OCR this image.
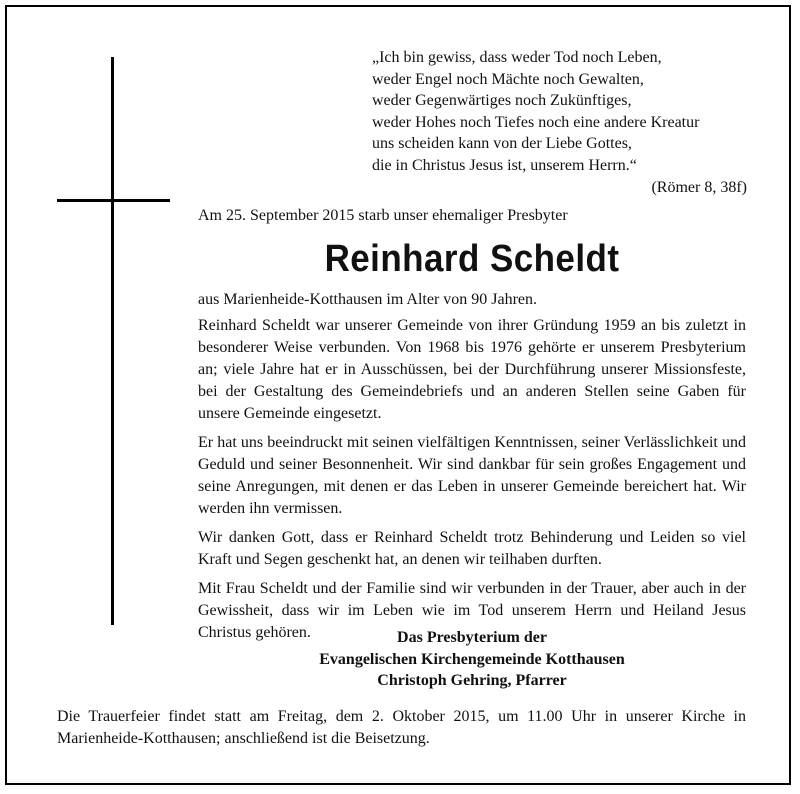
„Ich bin gewiss, dass weder Tod noch Leben,
weder Engel noch Mächte noch Gewalten,
weder Gegenwärtiges noch Zukünftiges,
weder Hohes noch Tiefes noch eine andere Kreatur
uns scheiden kann von der Liebe Gottes,
die in Christus Jesus ist, unserem Herrn.“
(Römer 8, 38f)
Am 25. September 2015 starb unser ehemaliger Presbyter
Reinhard Scheldt

aus Marienheide-Kotthausen im Alter von 90 Jahren.

Reinhard Scheldt war unserer Gemeinde von ihrer Gründung 1959 an bis zuletzt in besonderer Weise verbunden. Von 1968 bis 1976 gehörte er unserem Presbyterium an; viele Jahre hat er in Ausschüssen, bei der Durchführung unserer Missionsfeste, bei der Gestaltung des Gemeindebriefs und an anderen Stellen seine Gaben für unsere Gemeinde eingesetzt.

Er hat uns beeindruckt mit seinen vielfältigen Kenntnissen, seiner Verlässlichkeit und Geduld und seiner Besonnenheit. Wir sind dankbar für sein großes Engagement und seine Anregungen, mit denen er das Leben in unserer Gemeinde bereichert hat. Wir werden ihn vermissen.

Wir danken Gott, dass er Reinhard Scheldt trotz Behinderung und Leiden so viel Kraft und Segen geschenkt hat, an denen wir teilhaben durften.

Mit Frau Scheldt und der Familie sind wir verbunden in der Trauer, aber auch in der Gewissheit, dass wir im Leben wie im Tod unserem Herrn und Heiland Jesus Christus gehören.	Das Presbyterium der
Evangelischen Kirchengemeinde Kotthausen
Christoph Gehring, Pfarrer

Die Trauerfeier findet statt am Freitag, dem 2. Oktober 2015, um 11.00 Uhr in unserer Kirche in Marienheide-Kotthausen; anschließend ist die Beisetzung.
